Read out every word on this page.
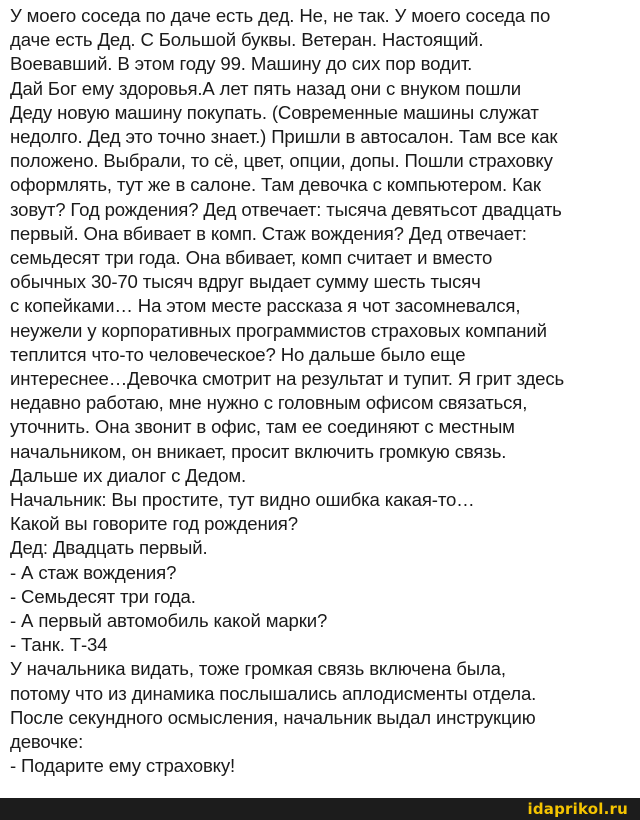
У моего соседа по даче есть дед. Не, не так. У моего соседа по
даче есть Дед. С Большой буквы. Ветеран. Настоящий.
Воевавший. В этом году 99. Машину до сих пор водит.
Дай Бог ему здоровья.А лет пять назад они с внуком пошли
Деду новую машину покупать. (Современные машины служат
недолго. Дед это точно знает.) Пришли в автосалон. Там все как
положено. Выбрали, то сё, цвет, опции, допы. Пошли страховку
оформлять, тут же в салоне. Там девочка с компьютером. Как
зовут? Год рождения? Дед отвечает: тысяча девятьсот двадцать
первый. Она вбивает в комп. Стаж вождения? Дед отвечает:
семьдесят три года. Она вбивает, комп считает и вместо
обычных 30-70 тысяч вдруг выдает сумму шесть тысяч
с копейками… На этом месте рассказа я чот засомневался,
неужели у корпоративных программистов страховых компаний
теплится что-то человеческое? Но дальше было еще
интереснее…Девочка смотрит на результат и тупит. Я грит здесь
недавно работаю, мне нужно с головным офисом связаться,
уточнить. Она звонит в офис, там ее соединяют с местным
начальником, он вникает, просит включить громкую связь.
Дальше их диалог с Дедом.
Начальник: Вы простите, тут видно ошибка какая-то…
Какой вы говорите год рождения?
Дед: Двадцать первый.
- А стаж вождения?
- Семьдесят три года.
- А первый автомобиль какой марки?
- Танк. Т-34
У начальника видать, тоже громкая связь включена была,
потому что из динамика послышались аплодисменты отдела.
После секундного осмысления, начальник выдал инструкцию
девочке:
- Подарите ему страховку!
idaprikol.ru
